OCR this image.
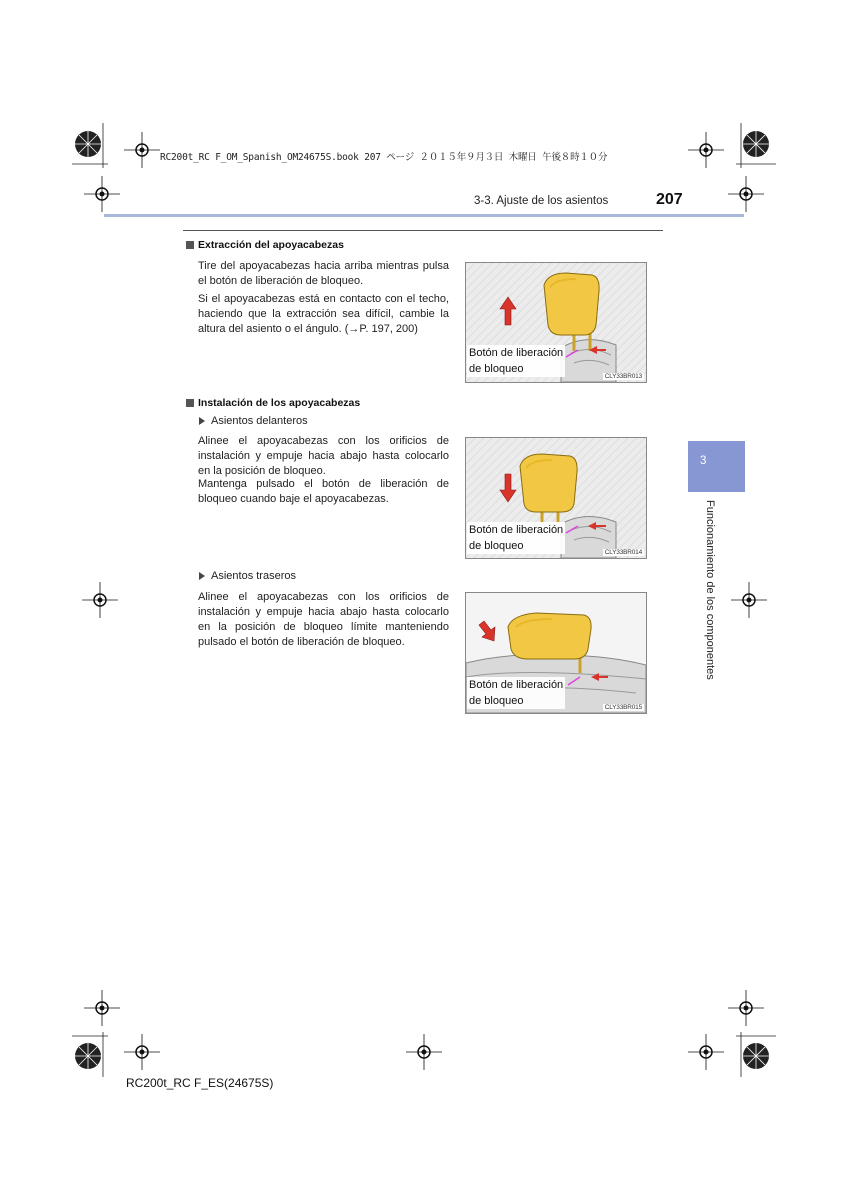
RC200t_RC F_OM_Spanish_OM24675S.book 207 ページ ２０１５年９月３日 木曜日 午後８時１０分
3-3. Ajuste de los asientos	207
Extracción del apoyacabezas
Tire del apoyacabezas hacia arriba mientras pulsa el botón de liberación de bloqueo.
Si el apoyacabezas está en contacto con el techo, haciendo que la extracción sea difícil, cambie la altura del asiento o el ángulo. (→P. 197, 200)
Botón de liberación
de bloqueo
CLY33BR013
Instalación de los apoyacabezas
Asientos delanteros
Alinee el apoyacabezas con los orificios de instalación y empuje hacia abajo hasta colocarlo en la posición de bloqueo.
Mantenga pulsado el botón de liberación de bloqueo cuando baje el apoyacabezas.
Botón de liberación
de bloqueo
CLY33BR014
Asientos traseros
Alinee el apoyacabezas con los orificios de instalación y empuje hacia abajo hasta colocarlo en la posición de bloqueo límite manteniendo pulsado el botón de liberación de bloqueo.
Botón de liberación
de bloqueo
CLY33BR015
3
Funcionamiento de los componentes
RC200t_RC F_ES(24675S)
